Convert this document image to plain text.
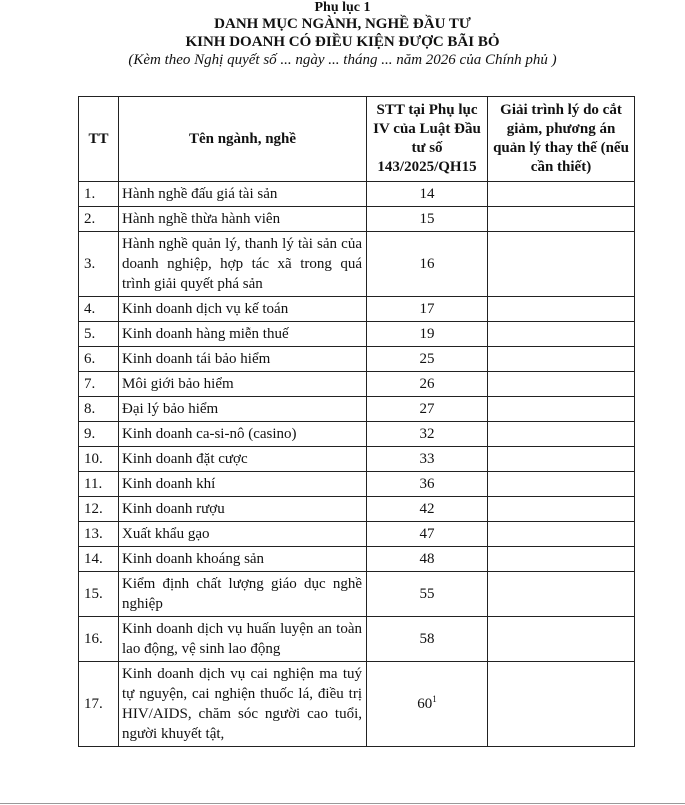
Phụ lục 1
DANH MỤC NGÀNH, NGHỀ ĐẦU TƯ
KINH DOANH CÓ ĐIỀU KIỆN ĐƯỢC BÃI BỎ
(Kèm theo Nghị quyết số ... ngày ... tháng ... năm 2026 của Chính phủ )
TT	Tên ngành, nghề	STT tại Phụ lục IV của Luật Đầu tư số 143/2025/QH15	Giải trình lý do cắt giảm, phương án quản lý thay thế (nếu cần thiết)
1.	Hành nghề đấu giá tài sản	14	
2.	Hành nghề thừa hành viên	15	
3.	Hành nghề quản lý, thanh lý tài sản của doanh nghiệp, hợp tác xã trong quá trình giải quyết phá sản	16	
4.	Kinh doanh dịch vụ kế toán	17	
5.	Kinh doanh hàng miễn thuế	19	
6.	Kinh doanh tái bảo hiểm	25	
7.	Môi giới bảo hiểm	26	
8.	Đại lý bảo hiểm	27	
9.	Kinh doanh ca-si-nô (casino)	32	
10.	Kinh doanh đặt cược	33	
11.	Kinh doanh khí	36	
12.	Kinh doanh rượu	42	
13.	Xuất khẩu gạo	47	
14.	Kinh doanh khoáng sản	48	
15.	Kiểm định chất lượng giáo dục nghề nghiệp	55	
16.	Kinh doanh dịch vụ huấn luyện an toàn lao động, vệ sinh lao động	58	
17.	Kinh doanh dịch vụ cai nghiện ma tuý tự nguyện, cai nghiện thuốc lá, điều trị HIV/AIDS, chăm sóc người cao tuổi, người khuyết tật,	$60^1$	
